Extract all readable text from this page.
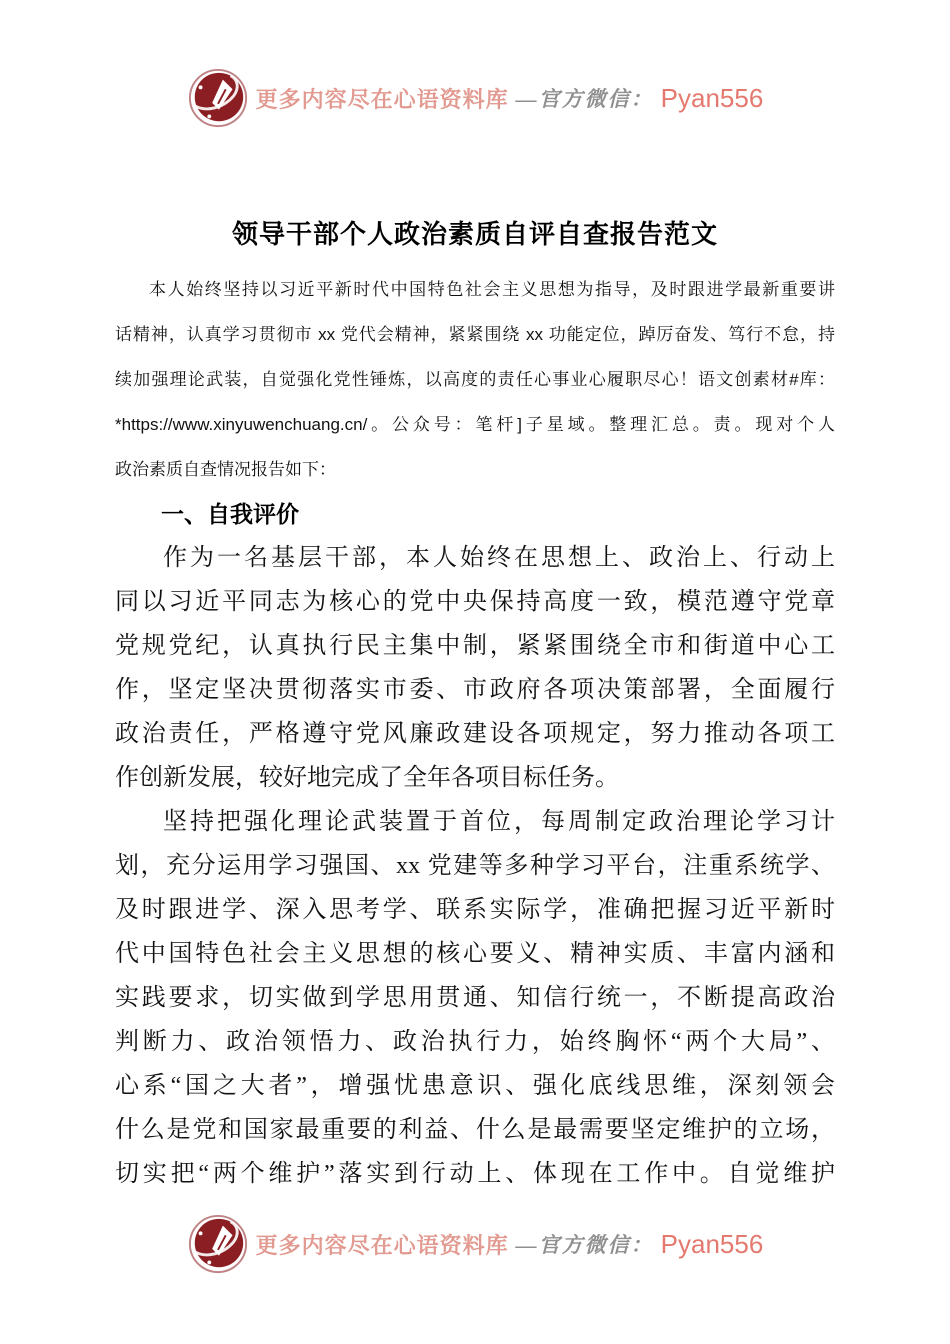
更多内容尽在心语资料库 —官方微信： Pyan556
领导干部个人政治素质自评自查报告范文
本人始终坚持以习近平新时代中国特色社会主义思想为指导，及时跟进学最新重要讲
话精神，认真学习贯彻市 xx 党代会精神，紧紧围绕 xx 功能定位，踔厉奋发、笃行不怠，持
续加强理论武装，自觉强化党性锤炼，以高度的责任心事业心履职尽心！语文创素材#库：
*https://www.xinyuwenchuang.cn/。公众号：笔杆]子星域。整理汇总。责。现对个人
政治素质自查情况报告如下：
一、自我评价
作为一名基层干部，本人始终在思想上、政治上、行动上
同以习近平同志为核心的党中央保持高度一致，模范遵守党章
党规党纪，认真执行民主集中制，紧紧围绕全市和街道中心工
作，坚定坚决贯彻落实市委、市政府各项决策部署，全面履行
政治责任，严格遵守党风廉政建设各项规定，努力推动各项工
作创新发展，较好地完成了全年各项目标任务。
坚持把强化理论武装置于首位，每周制定政治理论学习计
划，充分运用学习强国、xx 党建等多种学习平台，注重系统学、
及时跟进学、深入思考学、联系实际学，准确把握习近平新时
代中国特色社会主义思想的核心要义、精神实质、丰富内涵和
实践要求，切实做到学思用贯通、知信行统一，不断提高政治
判断力、政治领悟力、政治执行力，始终胸怀“两个大局”、
心系“国之大者”，增强忧患意识、强化底线思维，深刻领会
什么是党和国家最重要的利益、什么是最需要坚定维护的立场，
切实把“两个维护”落实到行动上、体现在工作中。自觉维护
更多内容尽在心语资料库 —官方微信： Pyan556
